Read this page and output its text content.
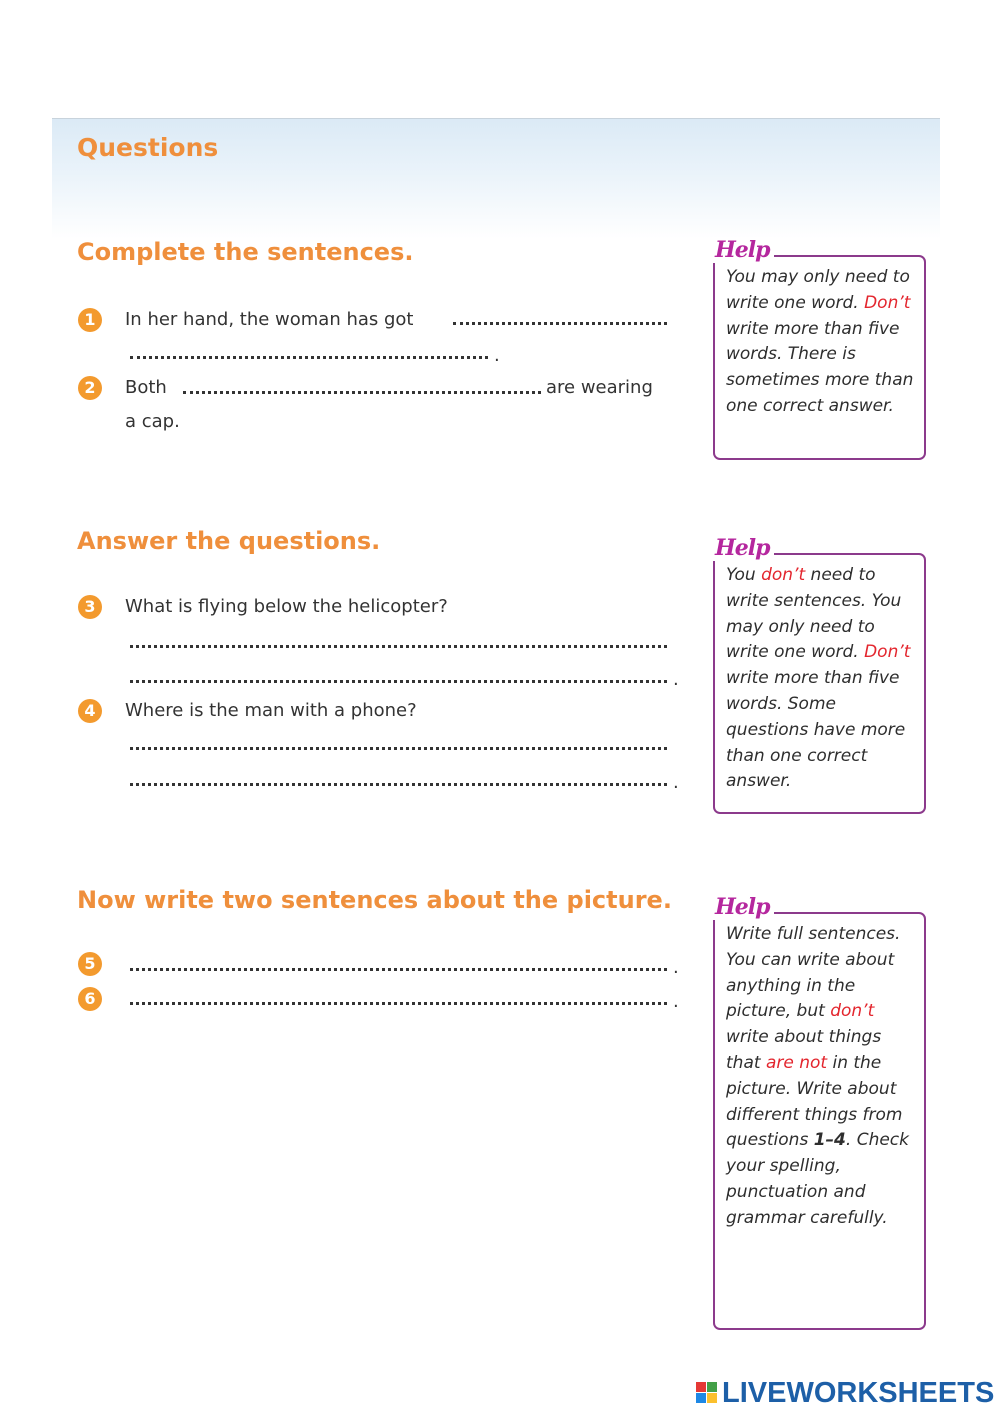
Questions
Complete the sentences.
1	In her hand, the woman has got
.
2	Both	are wearing
a cap.
Help
You may only need to write one word. Don’t write more than five words. There is sometimes more than one correct answer.
Answer the questions.
3	What is flying below the helicopter?
.
4	Where is the man with a phone?
.
Help
You don’t need to write sentences. You may only need to write one word. Don’t write more than five words. Some questions have more than one correct answer.
Now write two sentences about the picture.
5	.
6	.
Help
Write full sentences. You can write about anything in the picture, but don’t write about things that are not in the picture. Write about different things from questions 1–4. Check your spelling, punctuation and grammar carefully.
LIVEWORKSHEETS
